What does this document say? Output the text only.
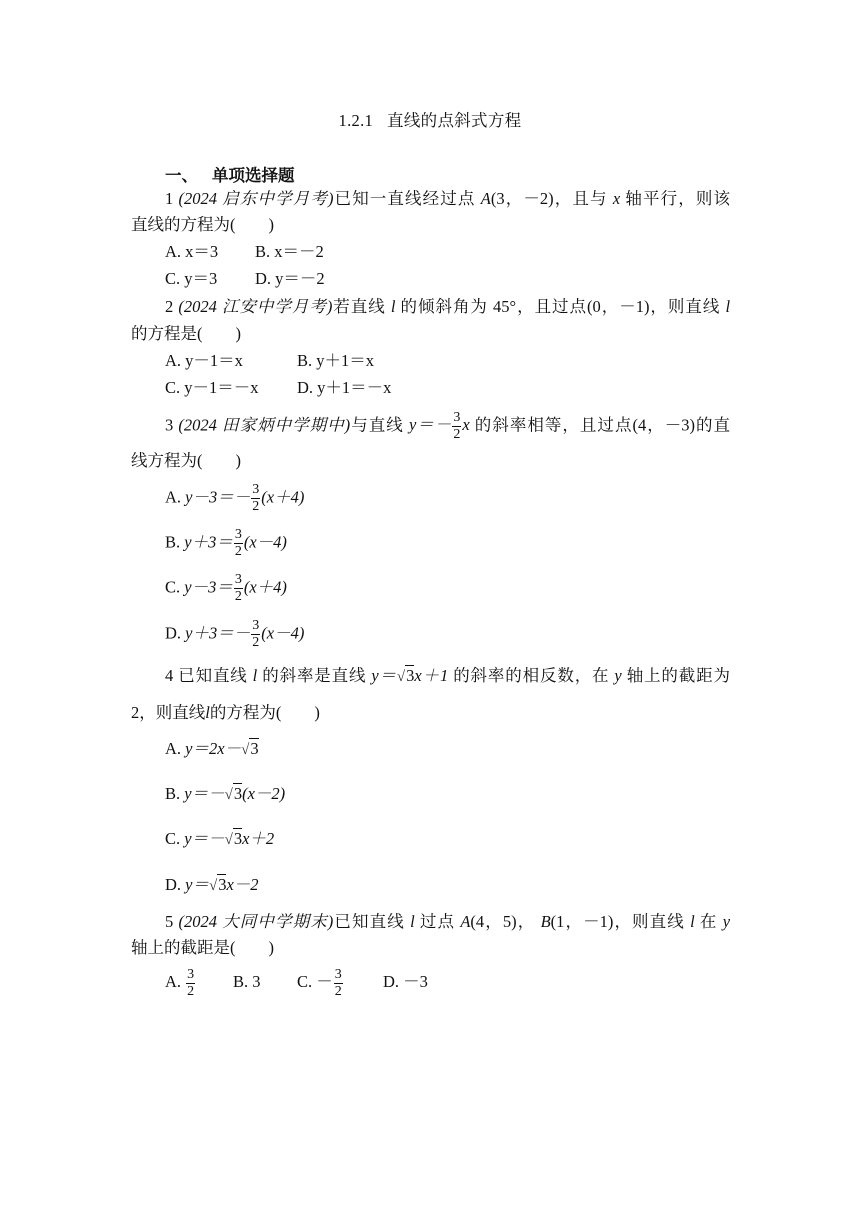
1.2.1 直线的点斜式方程
一、 单项选择题
1 (2024 启东中学月考)已知一直线经过点 A(3，－2)，且与 x 轴平行，则该
直线的方程为(　　)
A. x＝3 B. x＝－2
C. y＝3 D. y＝－2
2 (2024 江安中学月考)若直线 l 的倾斜角为 45°，且过点(0，－1)，则直线 l
的方程是(　　)
A. y－1＝x	B. y＋1＝x
C. y－1＝－x D. y＋1＝－x
3 (2024 田家炳中学期中)与直线 $y=- \frac{3}{2}$ x 的斜率相等，且过点(4，－3)的直
线方程为(　　)
A. $y-3=- \frac{3}{2} (x+4)$
B. $y+3= \frac{3}{2} (x-4)$
C. $y-3= \frac{3}{2} (x+4)$
D. $y+3=- \frac{3}{2} (x-4)$
4 已知直线 l 的斜率是直线 y＝√3x＋1 的斜率的相反数，在 y 轴上的截距为
2，则直线l的方程为(　　)
A. y＝2x－√3
B. y＝－√3(x－2)
C. y＝－√3x＋2
D. y＝√3x－2
5 (2024 大同中学期末)已知直线 l 过点 A(4，5)， B(1，－1)，则直线 l 在 y
轴上的截距是(　　)
A. $\frac{3}{2} B$. 3 C. － $\frac{3}{2} D$. －3
